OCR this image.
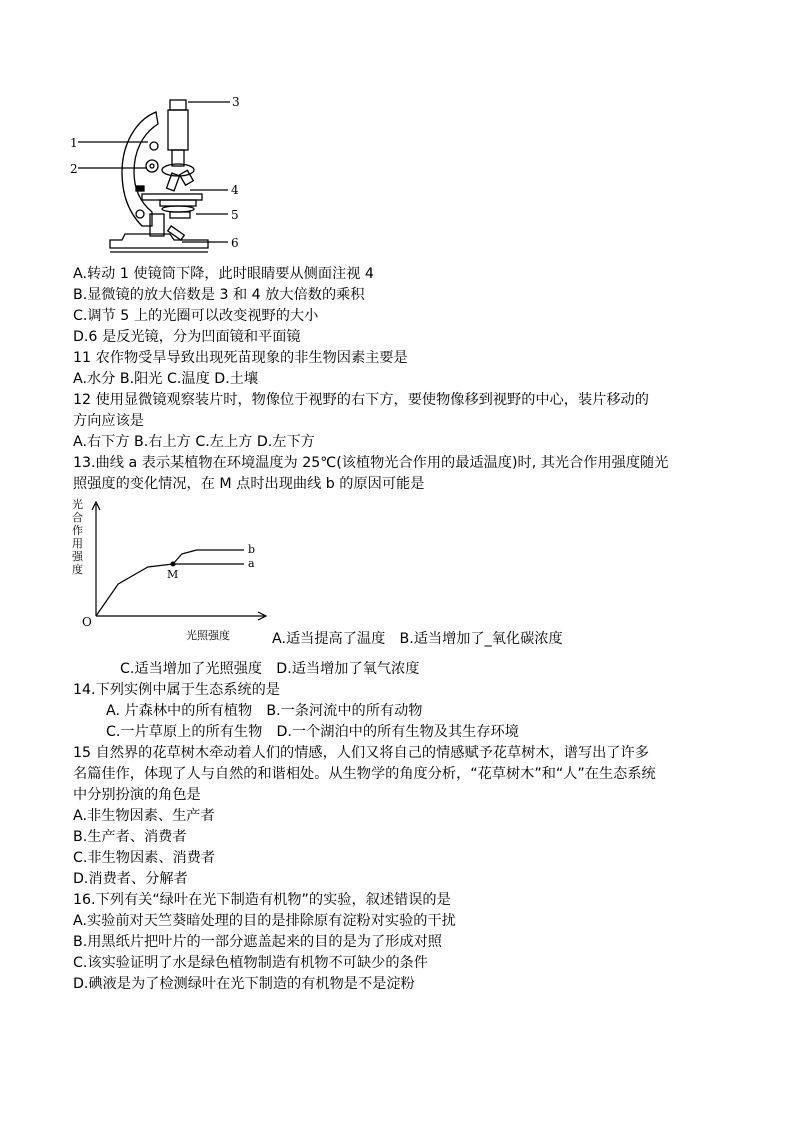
1
2
3
4
5
6
A.转动 1 使镜筒下降，此时眼睛要从侧面注视 4
B.显微镜的放大倍数是 3 和 4 放大倍数的乘积
C.调节 5 上的光圈可以改变视野的大小
D.6 是反光镜，分为凹面镜和平面镜
11 农作物受旱导致出现死苗现象的非生物因素主要是
A.水分 B.阳光 C.温度 D.土壤
12 使用显微镜观察装片时，物像位于视野的右下方，要使物像移到视野的中心，装片移动的
方向应该是
A.右下方 B.右上方 C.左上方 D.左下方
13.曲线 a 表示某植物在环境温度为 25℃(该植物光合作用的最适温度)时, 其光合作用强度随光
照强度的变化情况，在 M 点时出现曲线 b 的原因可能是
光
合
作
用
强
度
O
光照强度
a
b
M
A.适当提高了温度　B.适当增加了_氧化碳浓度
C.适当增加了光照强度　D.适当增加了氧气浓度
14.下列实例中属于生态系统的是
A. 片森林中的所有植物　B.一条河流中的所有动物
C.一片草原上的所有生物　D.一个湖泊中的所有生物及其生存环境
15 自然界的花草树木牵动着人们的情感，人们又将自己的情感赋予花草树木，谱写出了许多
名篇佳作，体现了人与自然的和谐相处。从生物学的角度分析，“花草树木”和“人”在生态系统
中分别扮演的角色是
A.非生物因素、生产者
B.生产者、消费者
C.非生物因素、消费者
D.消费者、分解者
16.下列有关“绿叶在光下制造有机物”的实验，叙述错误的是
A.实验前对天竺葵暗处理的目的是排除原有淀粉对实验的干扰
B.用黑纸片把叶片的一部分遮盖起来的目的是为了形成对照
C.该实验证明了水是绿色植物制造有机物不可缺少的条件
D.碘液是为了检测绿叶在光下制造的有机物是不是淀粉
